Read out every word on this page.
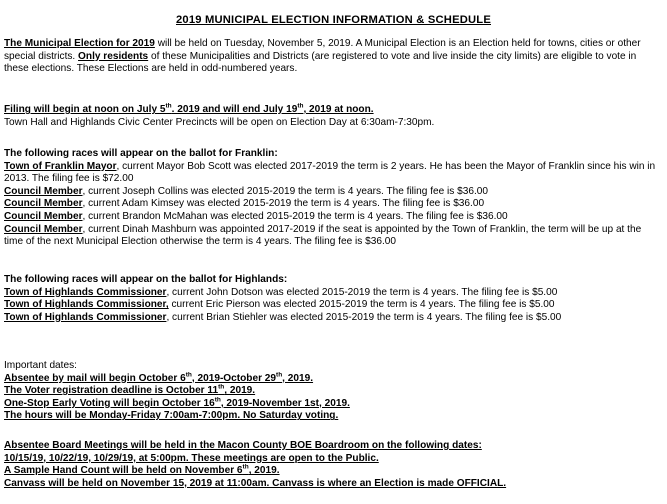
2019 MUNICIPAL ELECTION INFORMATION & SCHEDULE

The Municipal Election for 2019 will be held on Tuesday, November 5, 2019. A Municipal Election is an Election held for towns, cities or other special districts. Only residents of these Municipalities and Districts (are registered to vote and live inside the city limits) are eligible to vote in these elections. These Elections are held in odd-numbered years.

Filing will begin at noon on July 5th. 2019 and will end July 19th, 2019 at noon.

Town Hall and Highlands Civic Center Precincts will be open on Election Day at 6:30am-7:30pm.

The following races will appear on the ballot for Franklin:

Town of Franklin Mayor, current Mayor Bob Scott was elected 2017-2019 the term is 2 years. He has been the Mayor of Franklin since his win in 2013. The filing fee is $72.00

Council Member, current Joseph Collins was elected 2015-2019 the term is 4 years. The filing fee is $36.00

Council Member, current Adam Kimsey was elected 2015-2019 the term is 4 years. The filing fee is $36.00

Council Member, current Brandon McMahan was elected 2015-2019 the term is 4 years. The filing fee is $36.00

Council Member, current Dinah Mashburn was appointed 2017-2019 if the seat is appointed by the Town of Franklin, the term will be up at the time of the next Municipal Election otherwise the term is 4 years. The filing fee is $36.00

The following races will appear on the ballot for Highlands:

Town of Highlands Commissioner, current John Dotson was elected 2015-2019 the term is 4 years. The filing fee is $5.00

Town of Highlands Commissioner, current Eric Pierson was elected 2015-2019 the term is 4 years. The filing fee is $5.00

Town of Highlands Commissioner, current Brian Stiehler was elected 2015-2019 the term is 4 years. The filing fee is $5.00

Important dates:

Absentee by mail will begin October 6th, 2019-October 29th, 2019.

The Voter registration deadline is October 11th, 2019.

One-Stop Early Voting will begin October 16th, 2019-November 1st, 2019.

The hours will be Monday-Friday 7:00am-7:00pm. No Saturday voting.

Absentee Board Meetings will be held in the Macon County BOE Boardroom on the following dates:

10/15/19, 10/22/19, 10/29/19, at 5:00pm. These meetings are open to the Public.

A Sample Hand Count will be held on November 6th, 2019.

Canvass will be held on November 15, 2019 at 11:00am. Canvass is where an Election is made OFFICIAL.
